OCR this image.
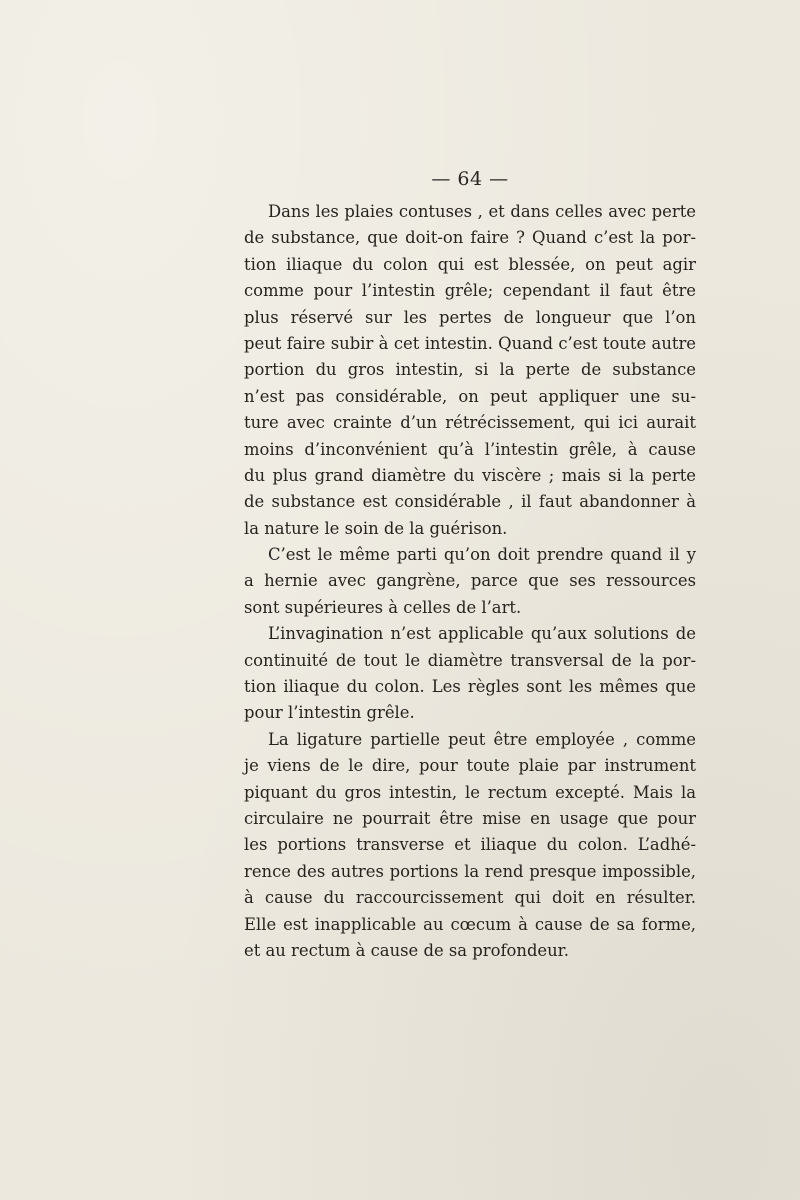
— 64 —
Dans les plaies contuses , et dans celles avec perte
de substance, que doit-on faire ? Quand c’est la por-
tion iliaque du colon qui est blessée, on peut agir
comme pour l’intestin grêle; cependant il faut être
plus réservé sur les pertes de longueur que l’on
peut faire subir à cet intestin. Quand c’est toute autre
portion du gros intestin, si la perte de substance
n’est pas considérable, on peut appliquer une su-
ture avec crainte d’un rétrécissement, qui ici aurait
moins d’inconvénient qu’à l’intestin grêle, à cause
du plus grand diamètre du viscère ; mais si la perte
de substance est considérable , il faut abandonner à
la nature le soin de la guérison.
C’est le même parti qu’on doit prendre quand il y
a hernie avec gangrène, parce que ses ressources
sont supérieures à celles de l’art.
L’invagination n’est applicable qu’aux solutions de
continuité de tout le diamètre transversal de la por-
tion iliaque du colon. Les règles sont les mêmes que
pour l’intestin grêle.
La ligature partielle peut être employée , comme
je viens de le dire, pour toute plaie par instrument
piquant du gros intestin, le rectum excepté. Mais la
circulaire ne pourrait être mise en usage que pour
les portions transverse et iliaque du colon. L’adhé-
rence des autres portions la rend presque impossible,
à cause du raccourcissement qui doit en résulter.
Elle est inapplicable au cœcum à cause de sa forme,
et au rectum à cause de sa profondeur.
